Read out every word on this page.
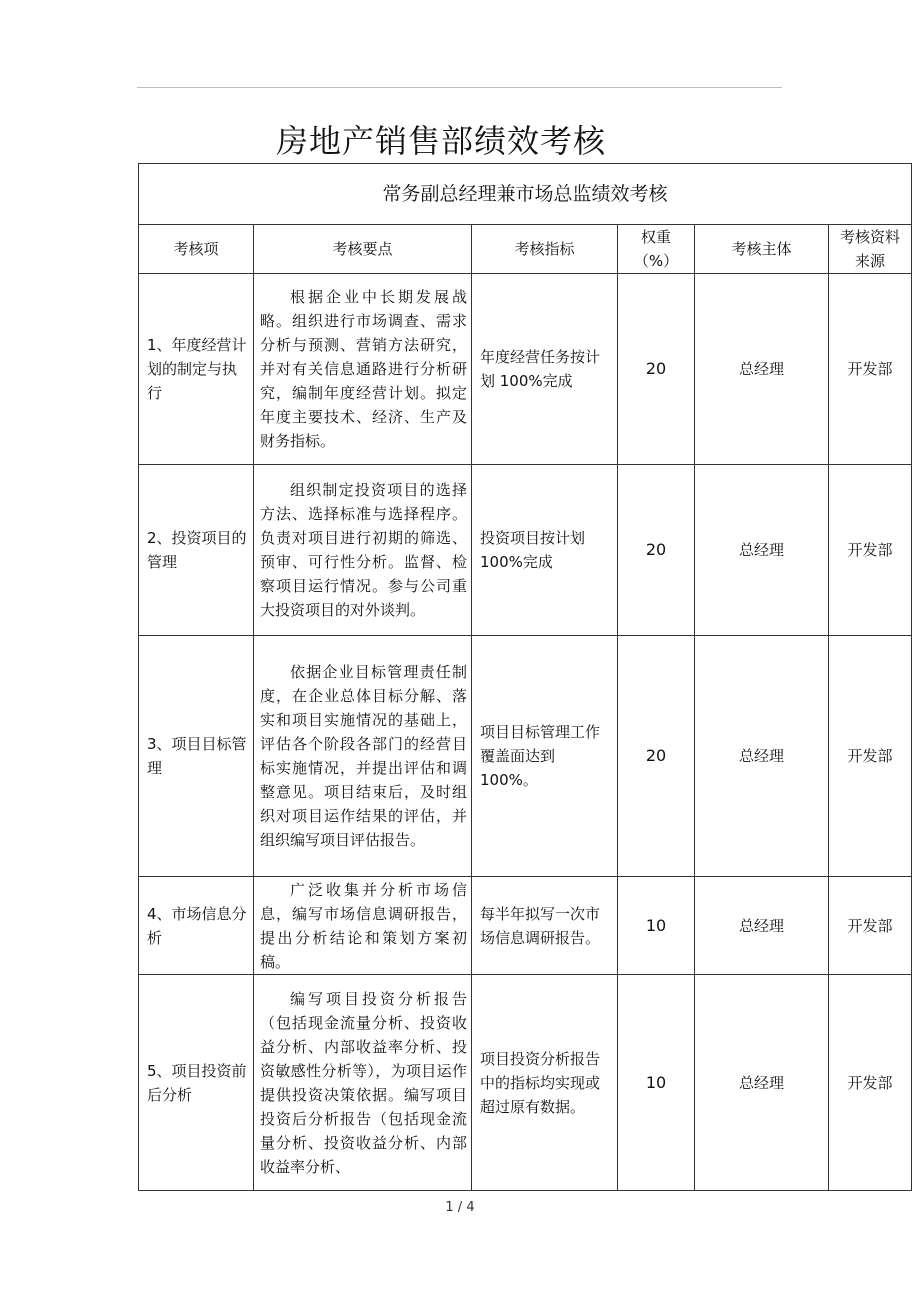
房地产销售部绩效考核
常务副总经理兼市场总监绩效考核					
考核项	考核要点	考核指标	权重（%）	考核主体	考核资料来源
1、年度经营计划的制定与执行	根据企业中长期发展战略。组织进行市场调查、需求分析与预测、营销方法研究，并对有关信息通路进行分析研究，编制年度经营计划。拟定年度主要技术、经济、生产及财务指标。	年度经营任务按计划 100%完成	20	总经理	开发部
2、投资项目的管理	组织制定投资项目的选择方法、选择标准与选择程序。负责对项目进行初期的筛选、预审、可行性分析。监督、检察项目运行情况。参与公司重大投资项目的对外谈判。	投资项目按计划 100%完成	20	总经理	开发部
3、项目目标管理	依据企业目标管理责任制度，在企业总体目标分解、落实和项目实施情况的基础上，评估各个阶段各部门的经营目标实施情况，并提出评估和调整意见。项目结束后，及时组织对项目运作结果的评估，并组织编写项目评估报告。	项目目标管理工作覆盖面达到 100%。	20	总经理	开发部
4、市场信息分析	广泛收集并分析市场信息，编写市场信息调研报告，提出分析结论和策划方案初稿。	每半年拟写一次市场信息调研报告。	10	总经理	开发部
5、项目投资前后分析	编写项目投资分析报告（包括现金流量分析、投资收益分析、内部收益率分析、投资敏感性分析等），为项目运作提供投资决策依据。编写项目投资后分析报告（包括现金流量分析、投资收益分析、内部收益率分析、	项目投资分析报告中的指标均实现或超过原有数据。	10	总经理	开发部
1 / 4
